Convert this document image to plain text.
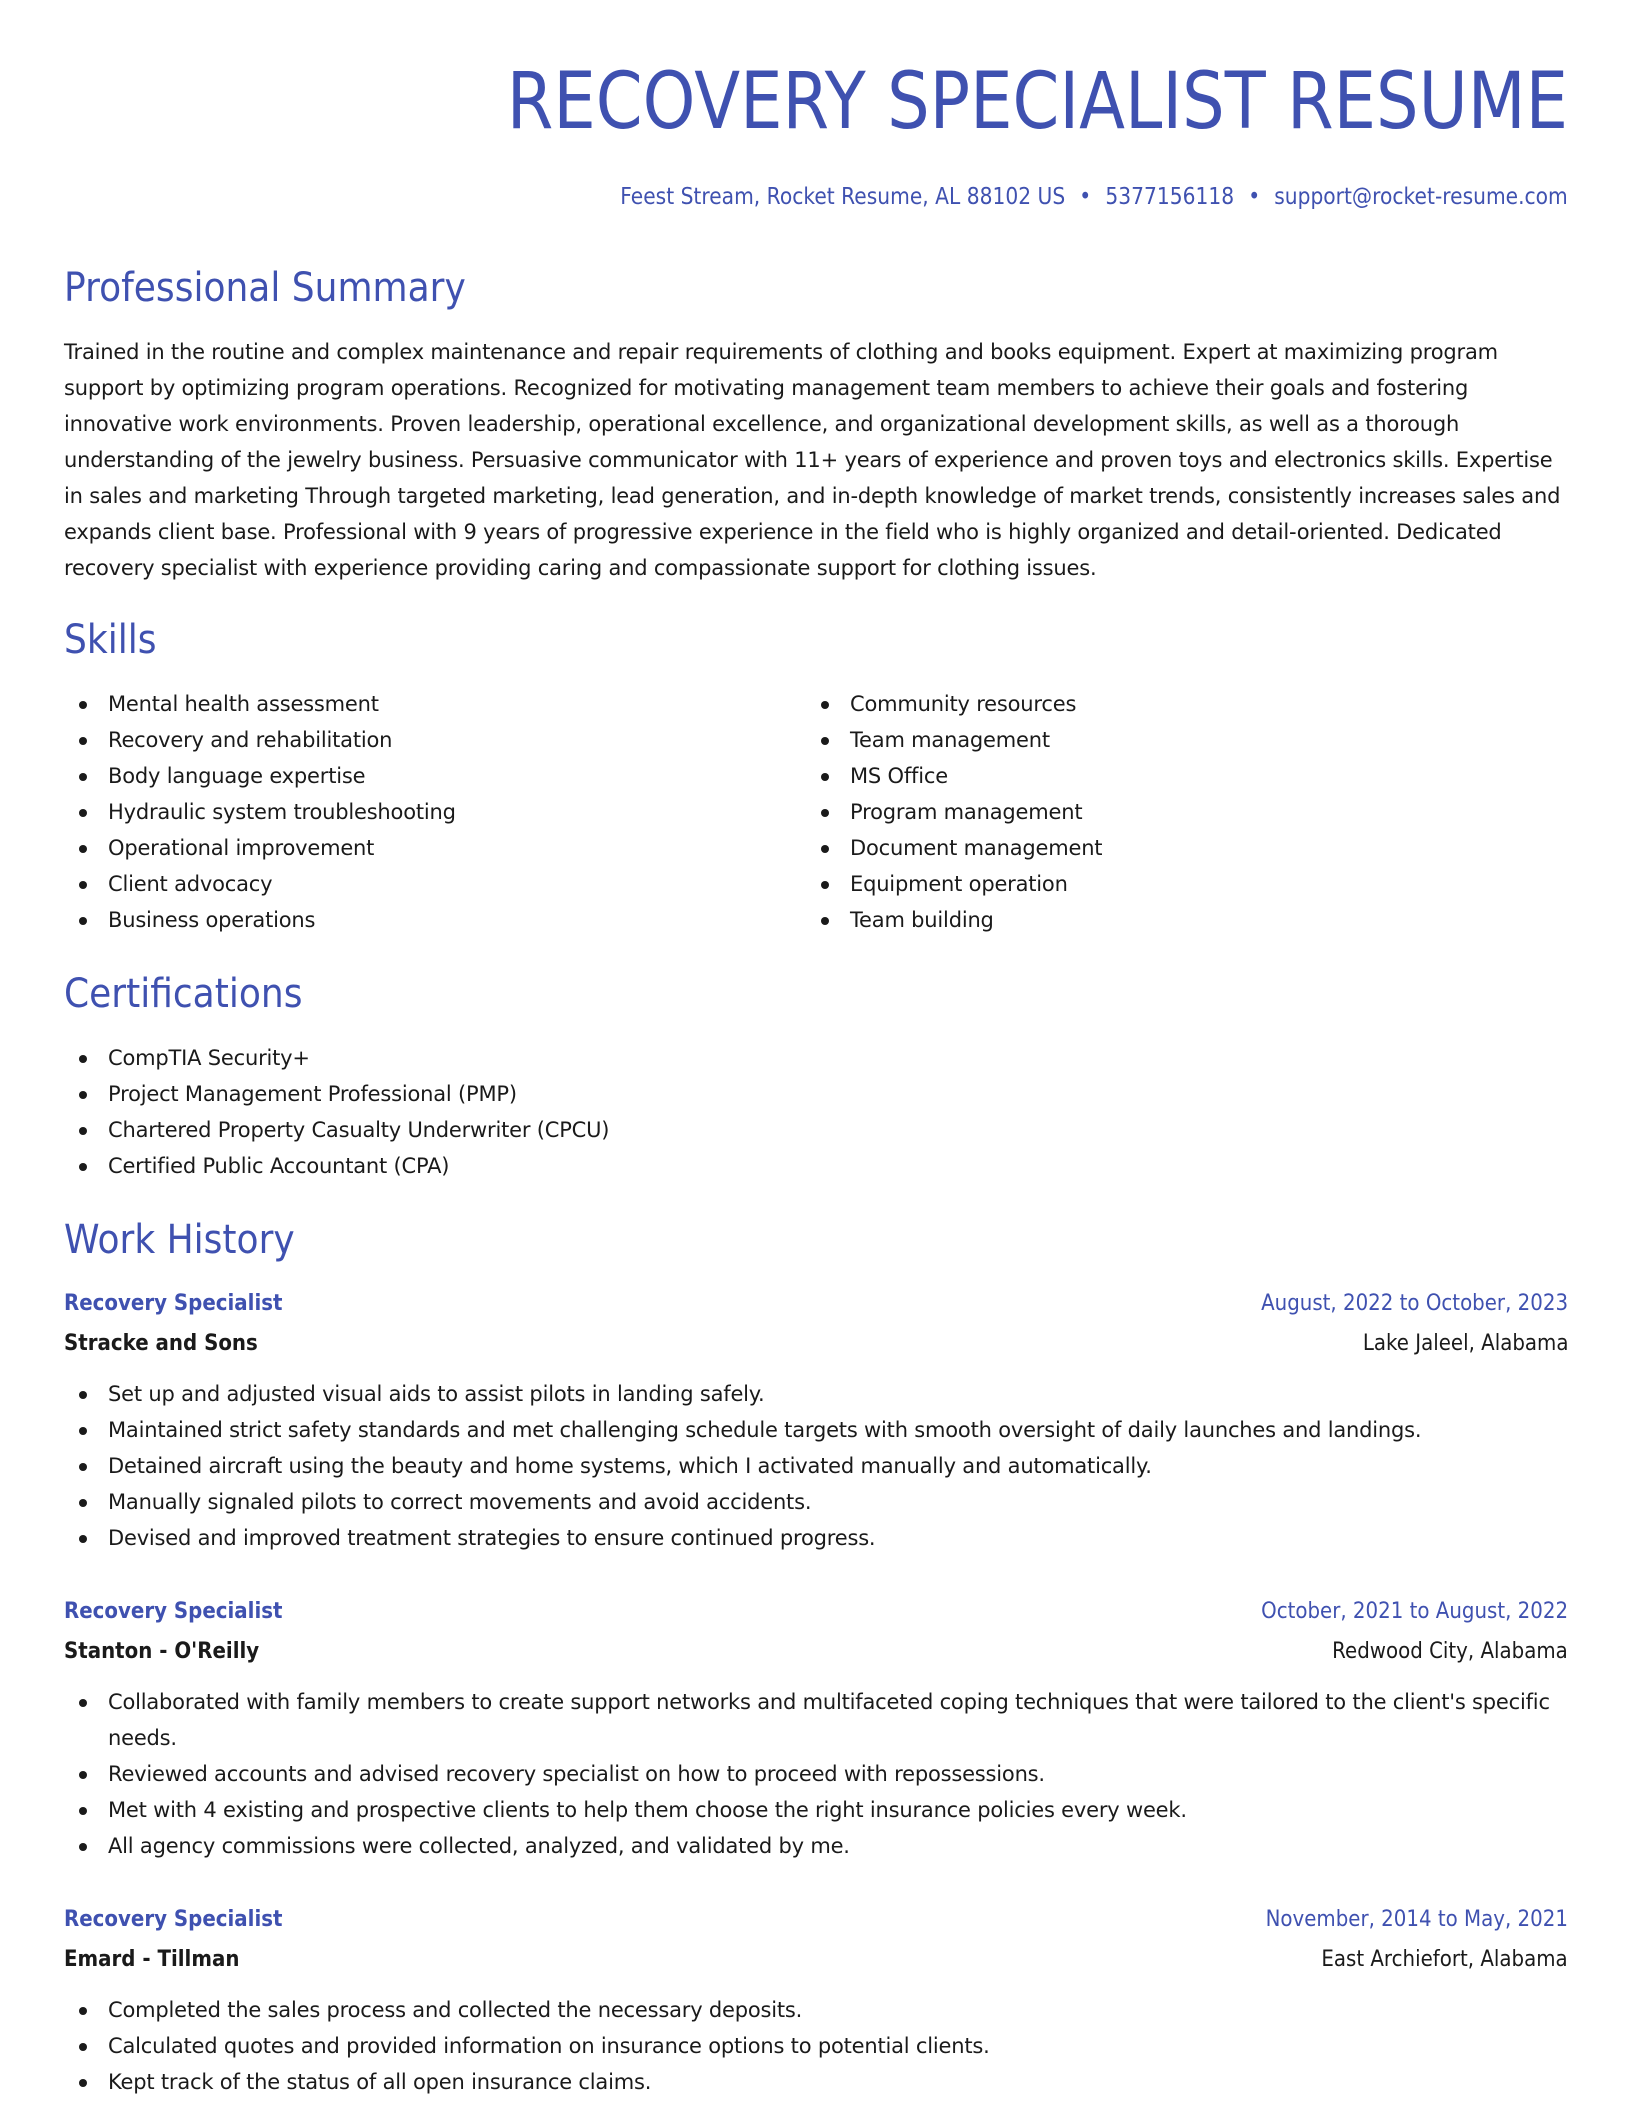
RECOVERY SPECIALIST RESUME
Feest Stream, Rocket Resume, AL 88102 US • 5377156118 • support@rocket-resume.com
Professional Summary

Trained in the routine and complex maintenance and repair requirements of clothing and books equipment. Expert at maximizing program support by optimizing program operations. Recognized for motivating management team members to achieve their goals and fostering innovative work environments. Proven leadership, operational excellence, and organizational development skills, as well as a thorough understanding of the jewelry business. Persuasive communicator with 11+ years of experience and proven toys and electronics skills. Expertise in sales and marketing Through targeted marketing, lead generation, and in-depth knowledge of market trends, consistently increases sales and expands client base. Professional with 9 years of progressive experience in the field who is highly organized and detail-oriented. Dedicated recovery specialist with experience providing caring and compassionate support for clothing issues.

Skills
Mental health assessment
Recovery and rehabilitation
Body language expertise
Hydraulic system troubleshooting
Operational improvement
Client advocacy
Business operations
Community resources
Team management
MS Office
Program management
Document management
Equipment operation
Team building
Certifications
CompTIA Security+
Project Management Professional (PMP)
Chartered Property Casualty Underwriter (CPCU)
Certified Public Accountant (CPA)
Work History
Recovery Specialist	August, 2022 to October, 2023
Stracke and Sons	Lake Jaleel, Alabama
Set up and adjusted visual aids to assist pilots in landing safely.
Maintained strict safety standards and met challenging schedule targets with smooth oversight of daily launches and landings.
Detained aircraft using the beauty and home systems, which I activated manually and automatically.
Manually signaled pilots to correct movements and avoid accidents.
Devised and improved treatment strategies to ensure continued progress.
Recovery Specialist	October, 2021 to August, 2022
Stanton - O'Reilly	Redwood City, Alabama
Collaborated with family members to create support networks and multifaceted coping techniques that were tailored to the client's specific needs.
Reviewed accounts and advised recovery specialist on how to proceed with repossessions.
Met with 4 existing and prospective clients to help them choose the right insurance policies every week.
All agency commissions were collected, analyzed, and validated by me.
Recovery Specialist	November, 2014 to May, 2021
Emard - Tillman	East Archiefort, Alabama
Completed the sales process and collected the necessary deposits.
Calculated quotes and provided information on insurance options to potential clients.
Kept track of the status of all open insurance claims.
